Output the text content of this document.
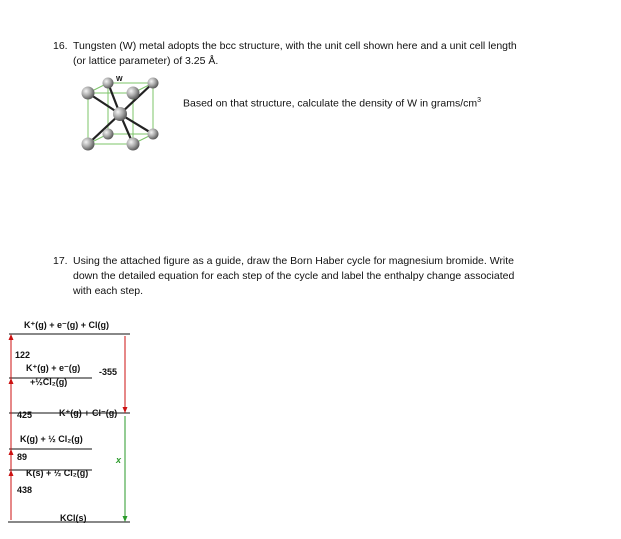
16. Tungsten (W) metal adopts the bcc structure, with the unit cell shown here and a unit cell length
(or lattice parameter) of 3.25 Å.
W
Based on that structure, calculate the density of W in grams/$cm^3$
17. Using the attached figure as a guide, draw the Born Haber cycle for magnesium bromide. Write
down the detailed equation for each step of the cycle and label the enthalpy change associated
with each step.
K⁺(g) + e⁻(g) + Cl(g)
122
K⁺(g) + e⁻(g) -355
+½Cl₂(g)
K⁺(g) + Cl⁻(g)
425
K(g) + ½ Cl₂(g)
89	x
K(s) + ½ Cl₂(g)
438
KCl(s)
